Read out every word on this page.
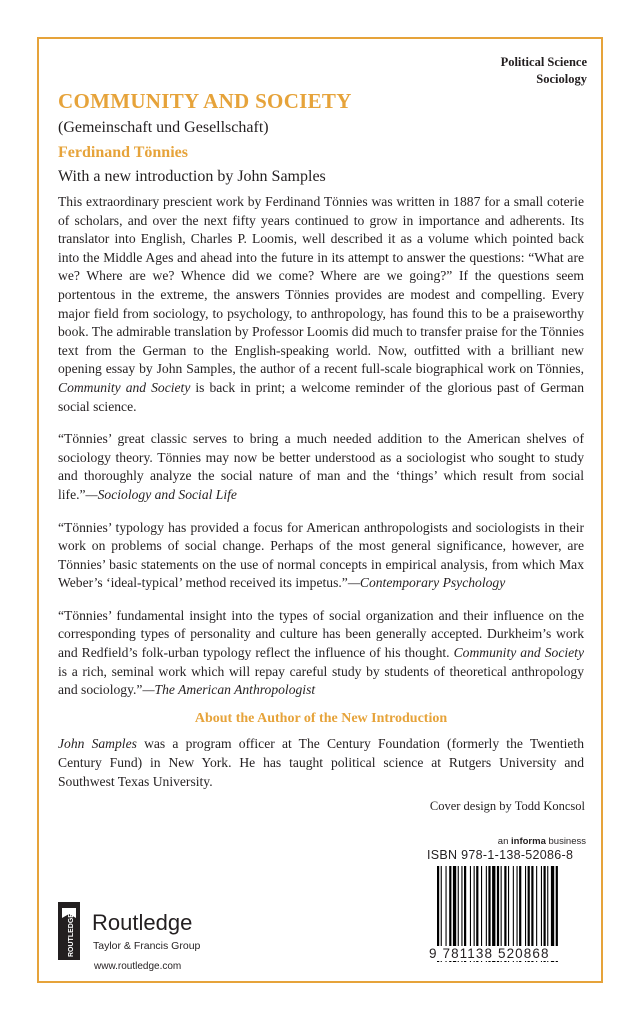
Political Science
Sociology
COMMUNITY AND SOCIETY
(Gemeinschaft und Gesellschaft)
Ferdinand Tönnies
With a new introduction by John Samples

This extraordinary prescient work by Ferdinand Tönnies was written in 1887 for a small coterie of scholars, and over the next fifty years continued to grow in importance and adherents. Its translator into English, Charles P. Loomis, well described it as a volume which pointed back into the Middle Ages and ahead into the future in its attempt to answer the questions: “What are we? Where are we? Whence did we come? Where are we going?” If the questions seem portentous in the extreme, the answers Tönnies provides are modest and compelling. Every major field from sociology, to psychology, to anthropology, has found this to be a praiseworthy book. The admirable translation by Professor Loomis did much to transfer praise for the Tönnies text from the German to the English-speaking world. Now, outfitted with a brilliant new opening essay by John Samples, the author of a recent full-scale biographical work on Tönnies, Community and Society is back in print; a welcome reminder of the glorious past of German social science.

“Tönnies’ great classic serves to bring a much needed addition to the American shelves of sociology theory. Tönnies may now be better understood as a sociologist who sought to study and thoroughly analyze the social nature of man and the ‘things’ which result from social life.”—Sociology and Social Life

“Tönnies’ typology has provided a focus for American anthropologists and sociologists in their work on problems of social change. Perhaps of the most general significance, however, are Tönnies’ basic statements on the use of normal concepts in empirical analysis, from which Max Weber’s ‘ideal-typical’ method received its impetus.”—Contemporary Psychology

“Tönnies’ fundamental insight into the types of social organization and their influence on the corresponding types of personality and culture has been generally accepted. Durkheim’s work and Redfield’s folk-urban typology reflect the influence of his thought. Community and Society is a rich, seminal work which will repay careful study by students of theoretical anthropology and sociology.”—The American Anthropologist

About the Author of the New Introduction

John Samples was a program officer at The Century Foundation (formerly the Twentieth Century Fund) in New York. He has taught political science at Rutgers University and Southwest Texas University.

Cover design by Todd Koncsol
an informa business
ISBN 978-1-138-52086-8
9 781138 520868
ROUTLEDGE Routledge
Taylor & Francis Group
www.routledge.com
